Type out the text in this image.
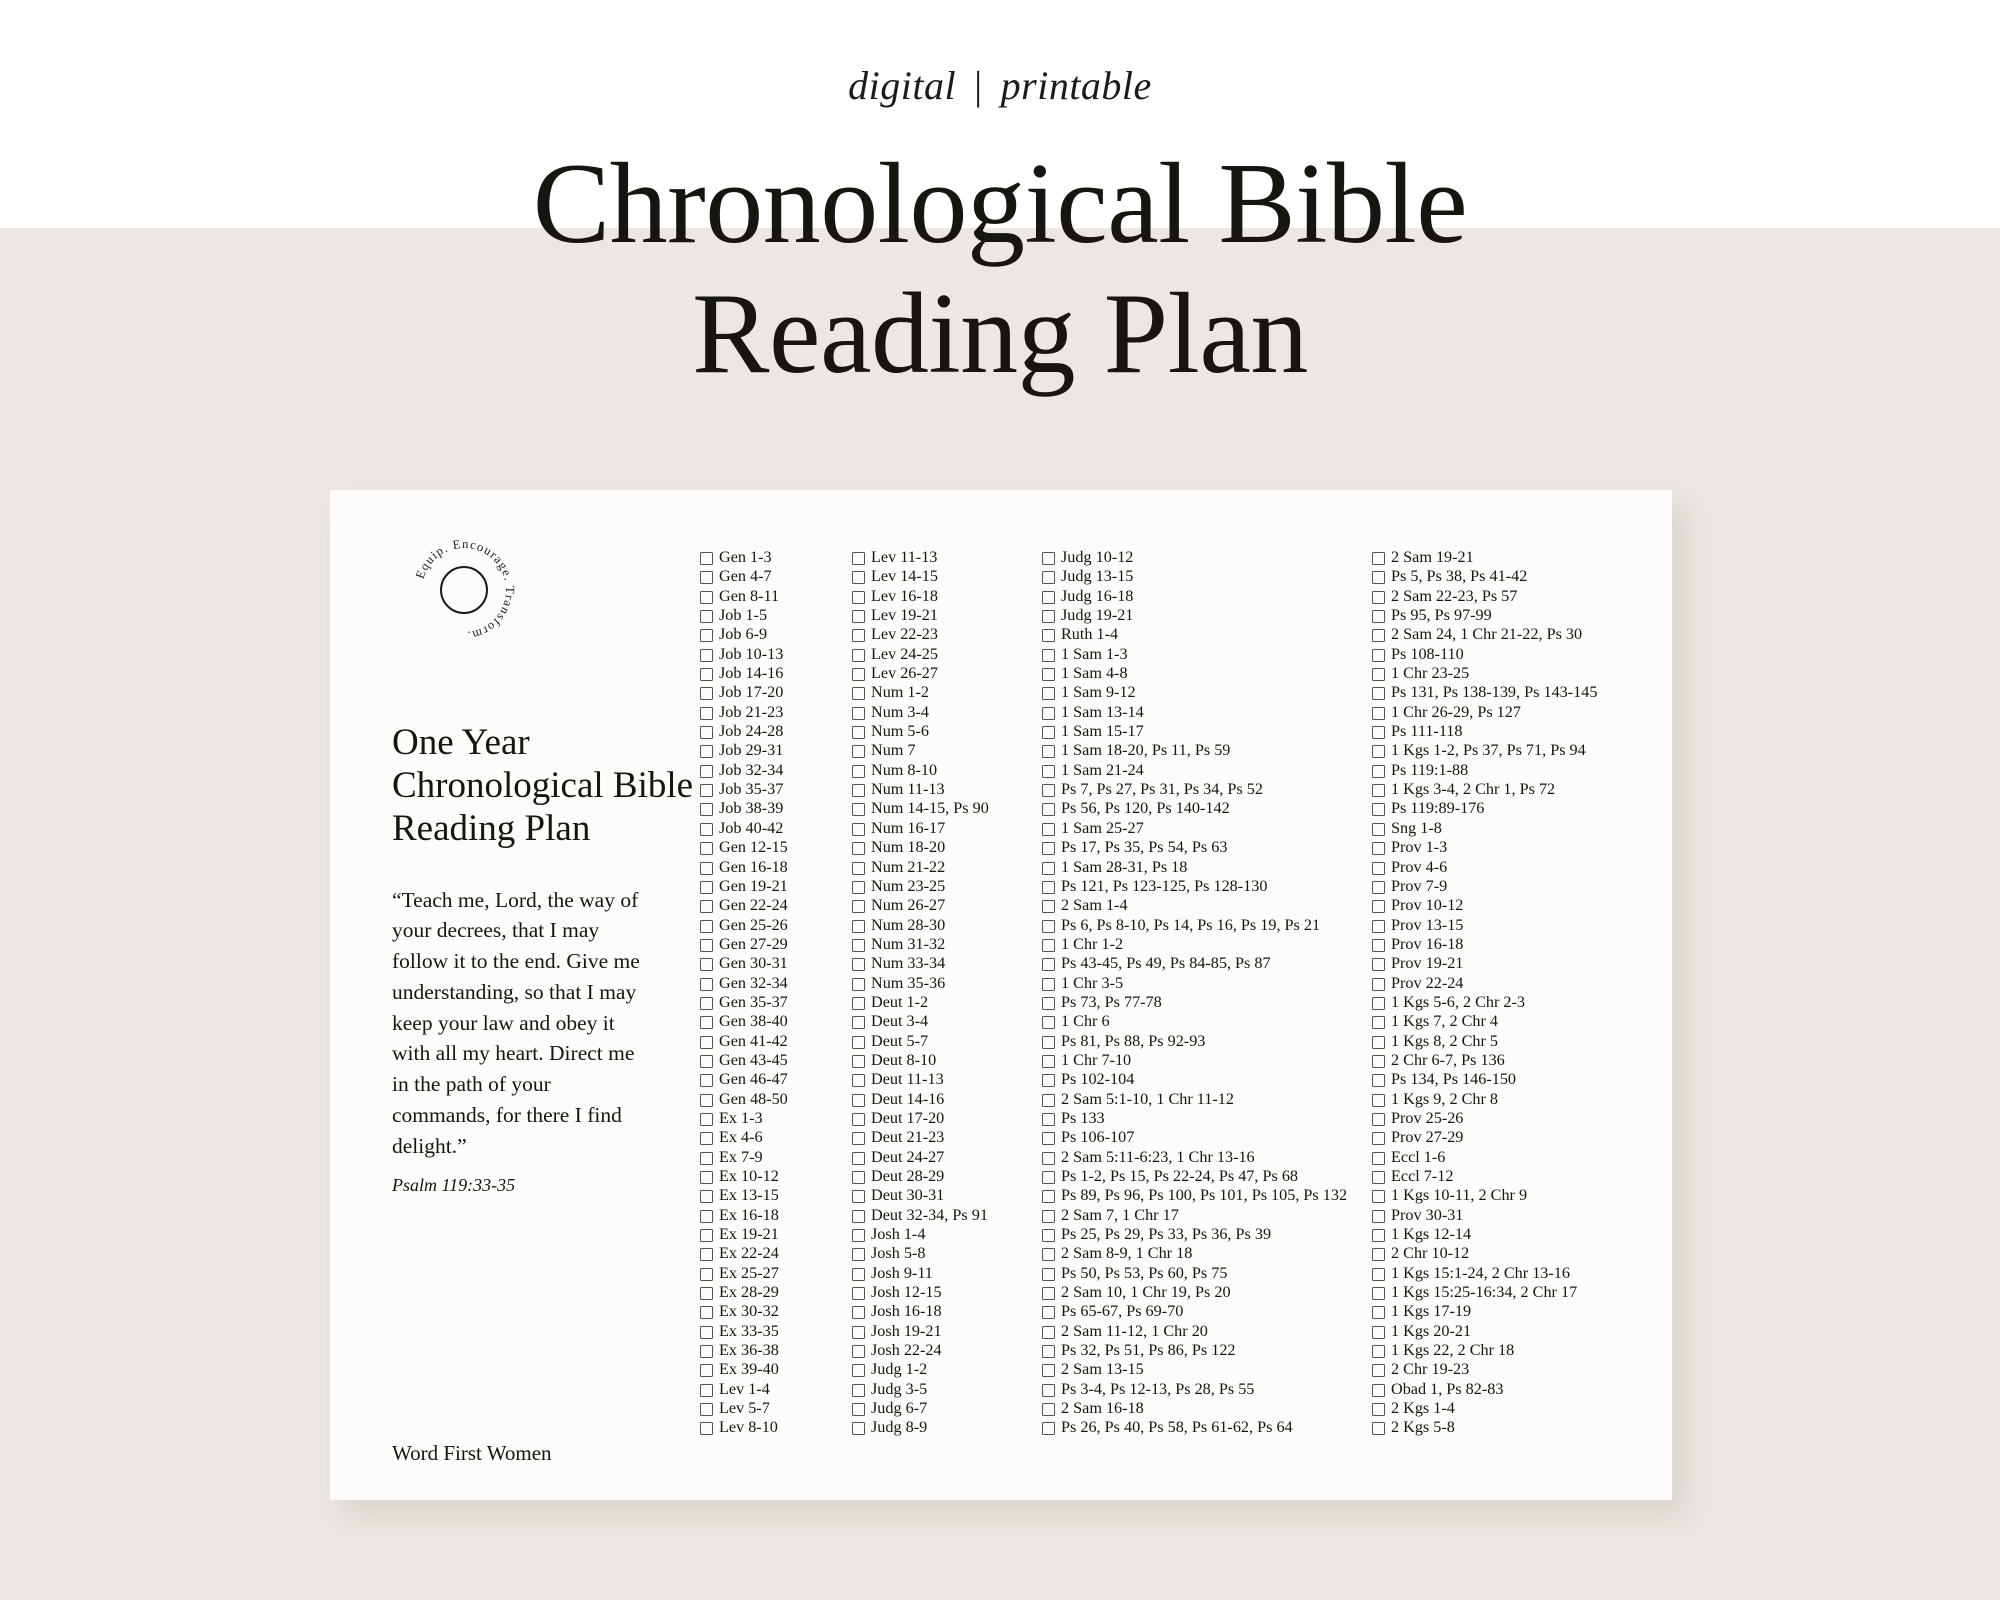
digital | printable
Chronological Bible
Reading Plan
Equip. Encourage. Transform.
One Year Chronological Bible Reading Plan
“Teach me, Lord, the way of your decrees, that I may follow it to the end. Give me understanding, so that I may keep your law and obey it with all my heart. Direct me in the path of your commands, for there I find delight.”
Psalm 119:33-35
Word First Women
Gen 1-3
Gen 4-7
Gen 8-11
Job 1-5
Job 6-9
Job 10-13
Job 14-16
Job 17-20
Job 21-23
Job 24-28
Job 29-31
Job 32-34
Job 35-37
Job 38-39
Job 40-42
Gen 12-15
Gen 16-18
Gen 19-21
Gen 22-24
Gen 25-26
Gen 27-29
Gen 30-31
Gen 32-34
Gen 35-37
Gen 38-40
Gen 41-42
Gen 43-45
Gen 46-47
Gen 48-50
Ex 1-3
Ex 4-6
Ex 7-9
Ex 10-12
Ex 13-15
Ex 16-18
Ex 19-21
Ex 22-24
Ex 25-27
Ex 28-29
Ex 30-32
Ex 33-35
Ex 36-38
Ex 39-40
Lev 1-4
Lev 5-7
Lev 8-10
Lev 11-13
Lev 14-15
Lev 16-18
Lev 19-21
Lev 22-23
Lev 24-25
Lev 26-27
Num 1-2
Num 3-4
Num 5-6
Num 7
Num 8-10
Num 11-13
Num 14-15, Ps 90
Num 16-17
Num 18-20
Num 21-22
Num 23-25
Num 26-27
Num 28-30
Num 31-32
Num 33-34
Num 35-36
Deut 1-2
Deut 3-4
Deut 5-7
Deut 8-10
Deut 11-13
Deut 14-16
Deut 17-20
Deut 21-23
Deut 24-27
Deut 28-29
Deut 30-31
Deut 32-34, Ps 91
Josh 1-4
Josh 5-8
Josh 9-11
Josh 12-15
Josh 16-18
Josh 19-21
Josh 22-24
Judg 1-2
Judg 3-5
Judg 6-7
Judg 8-9
Judg 10-12
Judg 13-15
Judg 16-18
Judg 19-21
Ruth 1-4
1 Sam 1-3
1 Sam 4-8
1 Sam 9-12
1 Sam 13-14
1 Sam 15-17
1 Sam 18-20, Ps 11, Ps 59
1 Sam 21-24
Ps 7, Ps 27, Ps 31, Ps 34, Ps 52
Ps 56, Ps 120, Ps 140-142
1 Sam 25-27
Ps 17, Ps 35, Ps 54, Ps 63
1 Sam 28-31, Ps 18
Ps 121, Ps 123-125, Ps 128-130
2 Sam 1-4
Ps 6, Ps 8-10, Ps 14, Ps 16, Ps 19, Ps 21
1 Chr 1-2
Ps 43-45, Ps 49, Ps 84-85, Ps 87
1 Chr 3-5
Ps 73, Ps 77-78
1 Chr 6
Ps 81, Ps 88, Ps 92-93
1 Chr 7-10
Ps 102-104
2 Sam 5:1-10, 1 Chr 11-12
Ps 133
Ps 106-107
2 Sam 5:11-6:23, 1 Chr 13-16
Ps 1-2, Ps 15, Ps 22-24, Ps 47, Ps 68
Ps 89, Ps 96, Ps 100, Ps 101, Ps 105, Ps 132
2 Sam 7, 1 Chr 17
Ps 25, Ps 29, Ps 33, Ps 36, Ps 39
2 Sam 8-9, 1 Chr 18
Ps 50, Ps 53, Ps 60, Ps 75
2 Sam 10, 1 Chr 19, Ps 20
Ps 65-67, Ps 69-70
2 Sam 11-12, 1 Chr 20
Ps 32, Ps 51, Ps 86, Ps 122
2 Sam 13-15
Ps 3-4, Ps 12-13, Ps 28, Ps 55
2 Sam 16-18
Ps 26, Ps 40, Ps 58, Ps 61-62, Ps 64
2 Sam 19-21
Ps 5, Ps 38, Ps 41-42
2 Sam 22-23, Ps 57
Ps 95, Ps 97-99
2 Sam 24, 1 Chr 21-22, Ps 30
Ps 108-110
1 Chr 23-25
Ps 131, Ps 138-139, Ps 143-145
1 Chr 26-29, Ps 127
Ps 111-118
1 Kgs 1-2, Ps 37, Ps 71, Ps 94
Ps 119:1-88
1 Kgs 3-4, 2 Chr 1, Ps 72
Ps 119:89-176
Sng 1-8
Prov 1-3
Prov 4-6
Prov 7-9
Prov 10-12
Prov 13-15
Prov 16-18
Prov 19-21
Prov 22-24
1 Kgs 5-6, 2 Chr 2-3
1 Kgs 7, 2 Chr 4
1 Kgs 8, 2 Chr 5
2 Chr 6-7, Ps 136
Ps 134, Ps 146-150
1 Kgs 9, 2 Chr 8
Prov 25-26
Prov 27-29
Eccl 1-6
Eccl 7-12
1 Kgs 10-11, 2 Chr 9
Prov 30-31
1 Kgs 12-14
2 Chr 10-12
1 Kgs 15:1-24, 2 Chr 13-16
1 Kgs 15:25-16:34, 2 Chr 17
1 Kgs 17-19
1 Kgs 20-21
1 Kgs 22, 2 Chr 18
2 Chr 19-23
Obad 1, Ps 82-83
2 Kgs 1-4
2 Kgs 5-8
